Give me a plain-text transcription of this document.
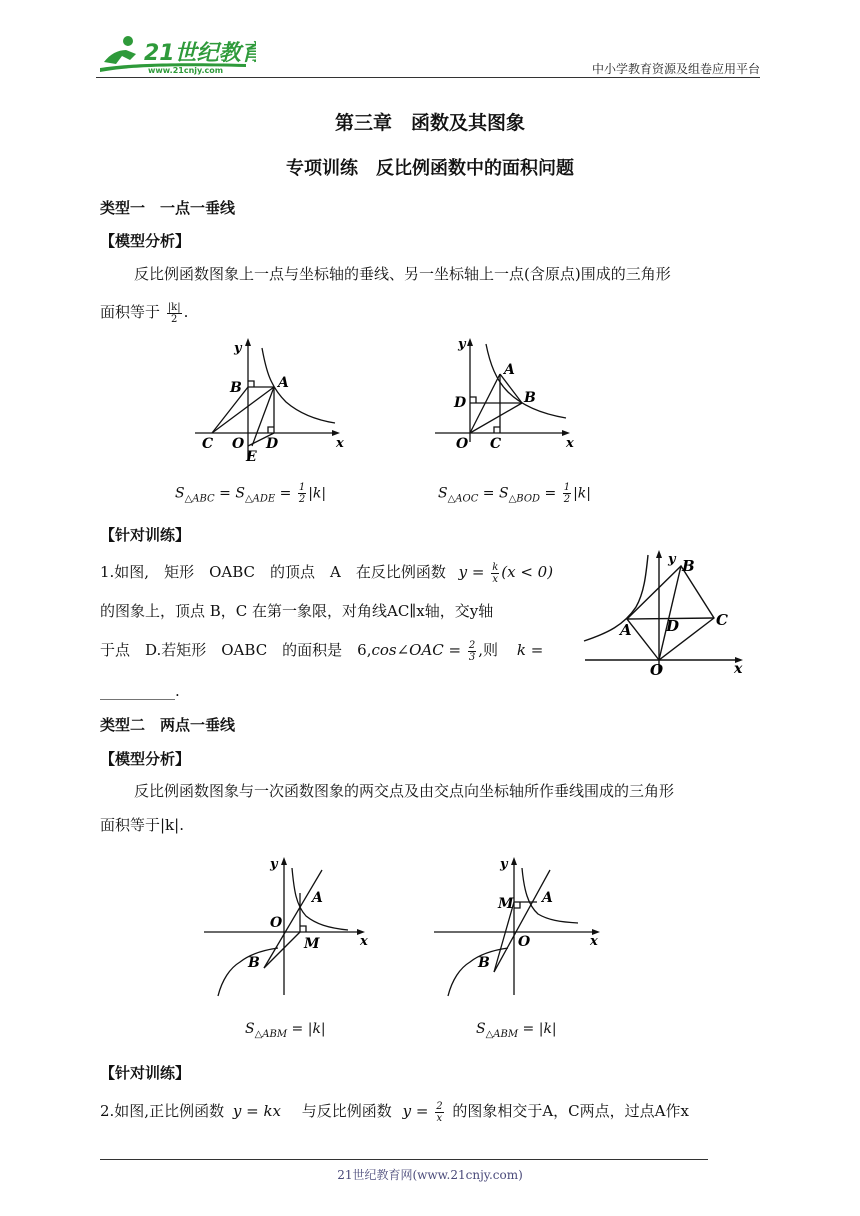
21世纪教育
www.21cnjy.com	中小学教育资源及组卷应用平台
第三章　函数及其图象
专项训练　反比例函数中的面积问题
类型一　一点一垂线
【模型分析】
反比例函数图象上一点与坐标轴的垂线、另一坐标轴上一点(含原点)围成的三角形
面积等于 $\frac{|k|}{2}$ .
y
x
B	A
C O D
E
$S_{\triangle ABC} = S_{\triangle ADE} = \frac{1}{2} |k|$
y
x
A
B
D
O C
$S_{\triangle AOC} = S_{\triangle BOD} = \frac{1}{2} |k|$
【针对训练】
1.如图,　矩形　OABC　的顶点　A　在反比例函数 $y = \frac{k}{x} (x < 0)$
的图象上，顶点 B，C 在第一象限，对角线AC∥x轴，交y轴
于点　D.若矩形　OABC　的面积是　6,cos∠OAC = $\frac{2}{3}$ ,则 k =
__________.
y
x
B
C
A D
O
类型二　两点一垂线
【模型分析】
反比例函数图象与一次函数图象的两交点及由交点向坐标轴所作垂线围成的三角形
面积等于|k|.
y
x
A
O
M
B
$S_{\triangle ABM} = |k|$
y
x
A
M
O
B
$S_{\triangle ABM} = |k|$
【针对训练】
2.如图,正比例函数 y = kx 与反比例函数 $y = \frac{2}{x}$ 的图象相交于A，C两点，过点A作x
21世纪教育网(www.21cnjy.com)
